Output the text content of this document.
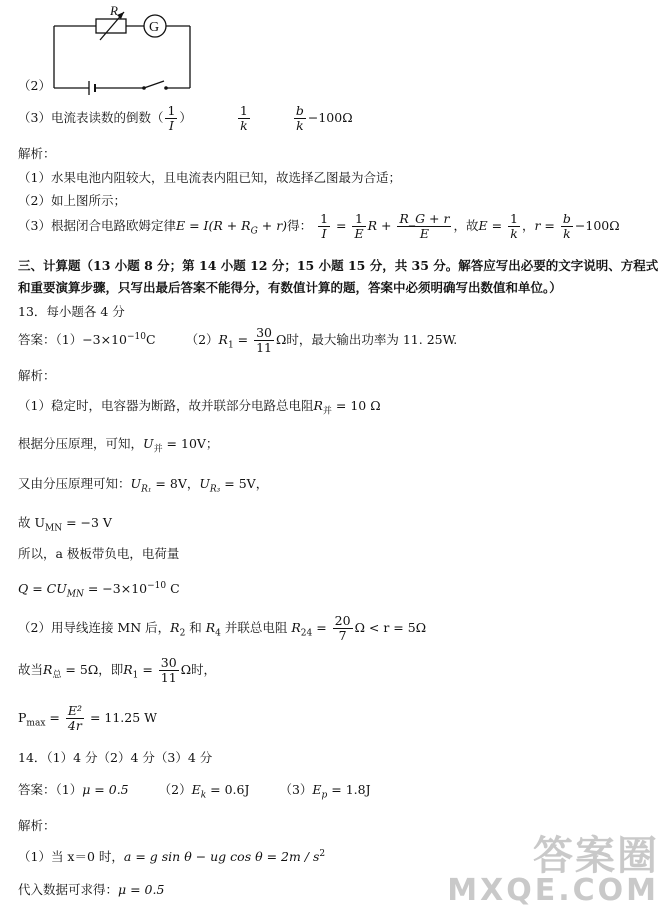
R
G
（2）
（3）电流表读数的倒数（ $\frac{1}{I}$ ）	$\frac{1}{k}$
	$\frac{b}{k} -100\Omega$
解析：
（1）水果电池内阻较大，且电流表内阻已知，故选择乙图最为合适；
（2）如上图所示；
（3）根据闭合电路欧姆定律$E = I(R + R_G + r)$得： $\frac{1}{I} = \frac{1}{E}$ $R + \frac{R\_G + r}{E}$ ，故$E = \frac{1}{k}$ ，$r = \frac{b}{k} -100\Omega$
三、计算题（13 小题 8 分；第 14 小题 12 分；15 小题 15 分，共 35 分。解答应写出必要的文字说明、方程式
和重要演算步骤，只写出最后答案不能得分，有数值计算的题，答案中必须明确写出数值和单位。）
13．每小题各 4 分
答案：$(1)-3\times 10^{-10}C$ $(2)R_1 = \frac{30}{11}$ Ω时，最大输出功率为 11. 25W.
解析：
（1）稳定时，电容器为断路，故并联部分电路总电阻$R_并 = 10$ Ω
根据分压原理，可知，$U_并 = 10V$；
又由分压原理可知：$U_{R_1} = 8V$，$U_{R_3} = 5V$，
故 $U_{MN} = -3$ V
所以，a 极板带负电，电荷量
$Q = CU_{MN} = -3\times 10^{-10}$ C
（2）用导线连接 MN 后，$R_2$ 和 $R_4$ 并联总电阻 $R_{24} = \frac{20}{7}$ Ω < r = 5Ω
故当$R_总 = 5\Omega$，即$R_1 = \frac{30}{11}$ Ω时，
$P_{max} = \frac{\text{E²}}{4r} = 11.25$ W
14．（1）4 分（2）4 分（3）4 分
答案：（1）μ = 0.5 $(2)E_k = 0.6J$ $(3)E_p = 1.8J$
解析：
（1）当 x＝0 时，a = g sin θ − ug $\cos \theta = 2m / s^2$
代入数据可求得：μ = 0.5
答案圈
MXQE.COM
